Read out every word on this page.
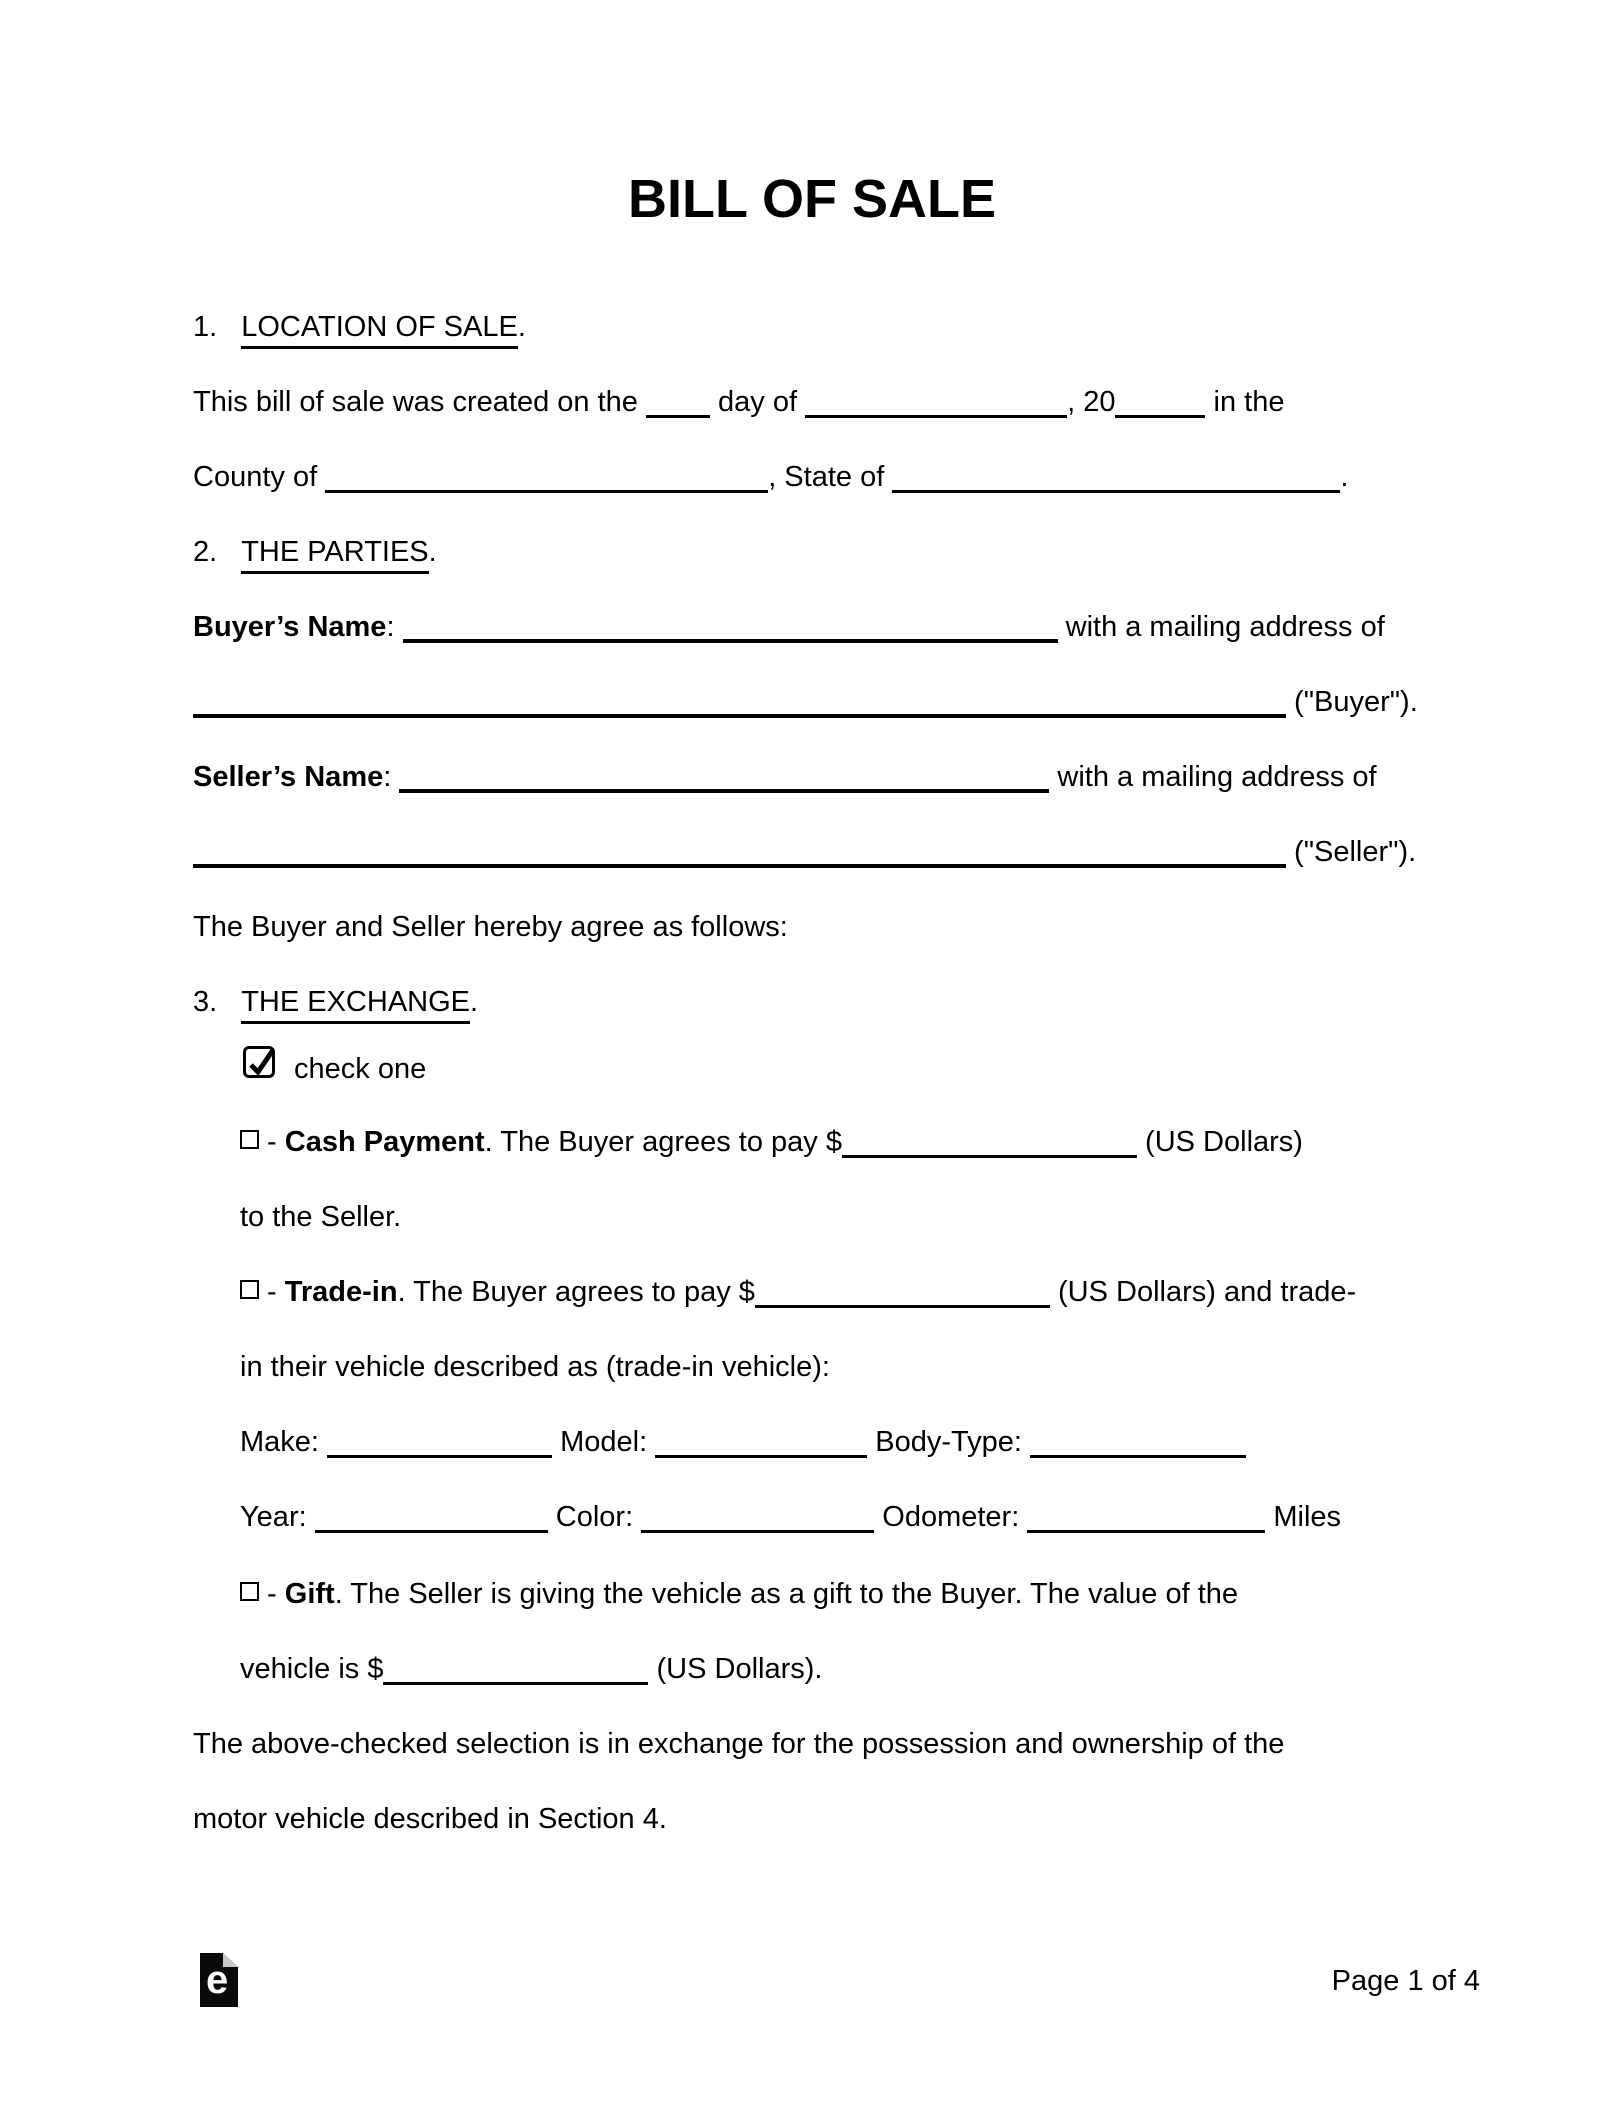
BILL OF SALE
1. LOCATION OF SALE.
This bill of sale was created on the  day of	, 20	in the
County of	, State of	.
2. THE PARTIES.
Buyer’s Name:	with a mailing address of
("Buyer").
Seller’s Name:	with a mailing address of
("Seller").
The Buyer and Seller hereby agree as follows:
3. THE EXCHANGE.
check one
- Cash Payment. The Buyer agrees to pay $	(US Dollars)
to the Seller.
- Trade-in. The Buyer agrees to pay $	(US Dollars) and trade-
in their vehicle described as (trade-in vehicle):
Make:	Model:	Body-Type:
Year:	Color:	Odometer:	Miles
- Gift. The Seller is giving the vehicle as a gift to the Buyer. The value of the
vehicle is $	(US Dollars).
The above-checked selection is in exchange for the possession and ownership of the
motor vehicle described in Section 4.
e	Page 1 of 4
